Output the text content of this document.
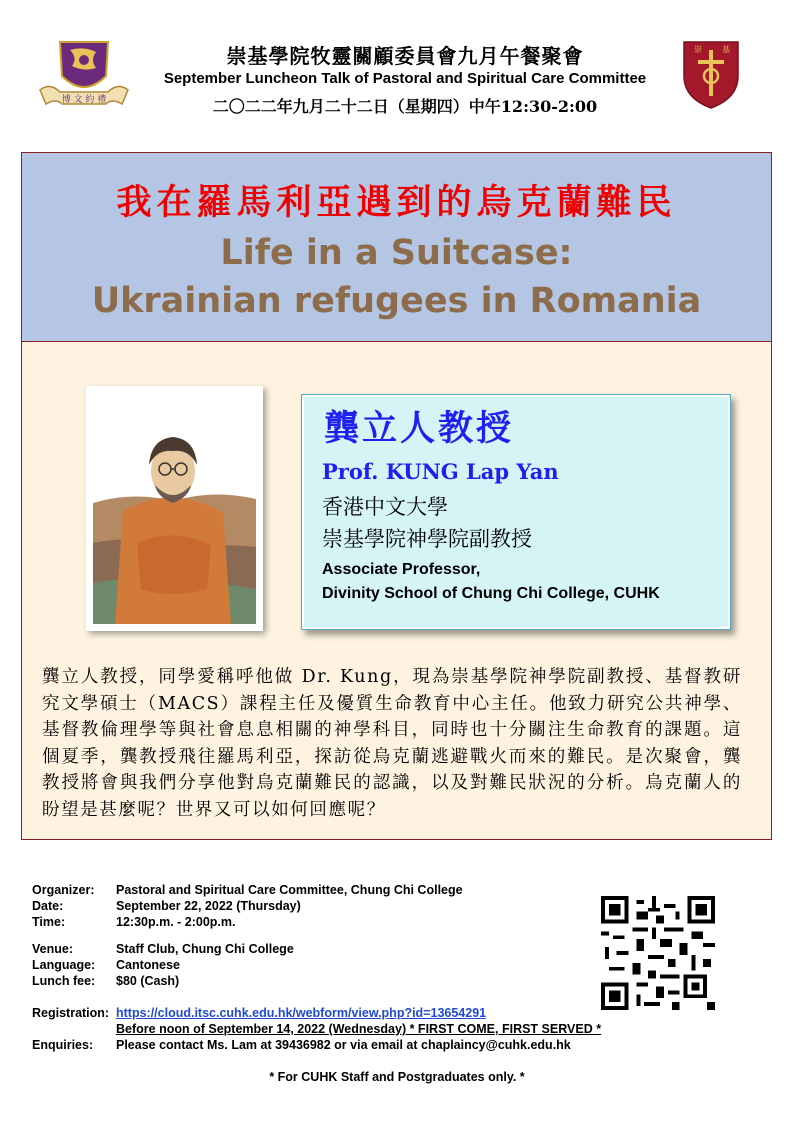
博 文 約 禮
崇基學院牧靈關顧委員會九月午餐聚會
September Luncheon Talk of Pastoral and Spiritual Care Committee
二〇二二年九月二十二日（星期四）中午12:30-2:00
崇	基
我在羅馬利亞遇到的烏克蘭難民
Life in a Suitcase:
Ukrainian refugees in Romania
龔立人教授
Prof. KUNG Lap Yan
香港中文大學
崇基學院神學院副教授
Associate Professor,
Divinity School of Chung Chi College, CUHK
龔立人教授，同學愛稱呼他做 Dr. Kung，現為崇基學院神學院副教授、基督教研究文學碩士（MACS）課程主任及優質生命教育中心主任。他致力研究公共神學、基督教倫理學等與社會息息相關的神學科目，同時也十分關注生命教育的課題。這個夏季，龔教授飛往羅馬利亞，探訪從烏克蘭逃避戰火而來的難民。是次聚會，龔教授將會與我們分享他對烏克蘭難民的認識，以及對難民狀況的分析。烏克蘭人的盼望是甚麼呢？世界又可以如何回應呢？
Organizer: Pastoral and Spiritual Care Committee, Chung Chi College
Date:	September 22, 2022 (Thursday)
Time:	12:30p.m. - 2:00p.m.
Venue:	Staff Club, Chung Chi College
Language: Cantonese
Lunch fee: $80 (Cash)
Registration: https://cloud.itsc.cuhk.edu.hk/webform/view.php?id=13654291
Before noon of September 14, 2022 (Wednesday) * FIRST COME, FIRST SERVED *
Enquiries: Please contact Ms. Lam at 39436982 or via email at chaplaincy@cuhk.edu.hk
* For CUHK Staff and Postgraduates only. *
